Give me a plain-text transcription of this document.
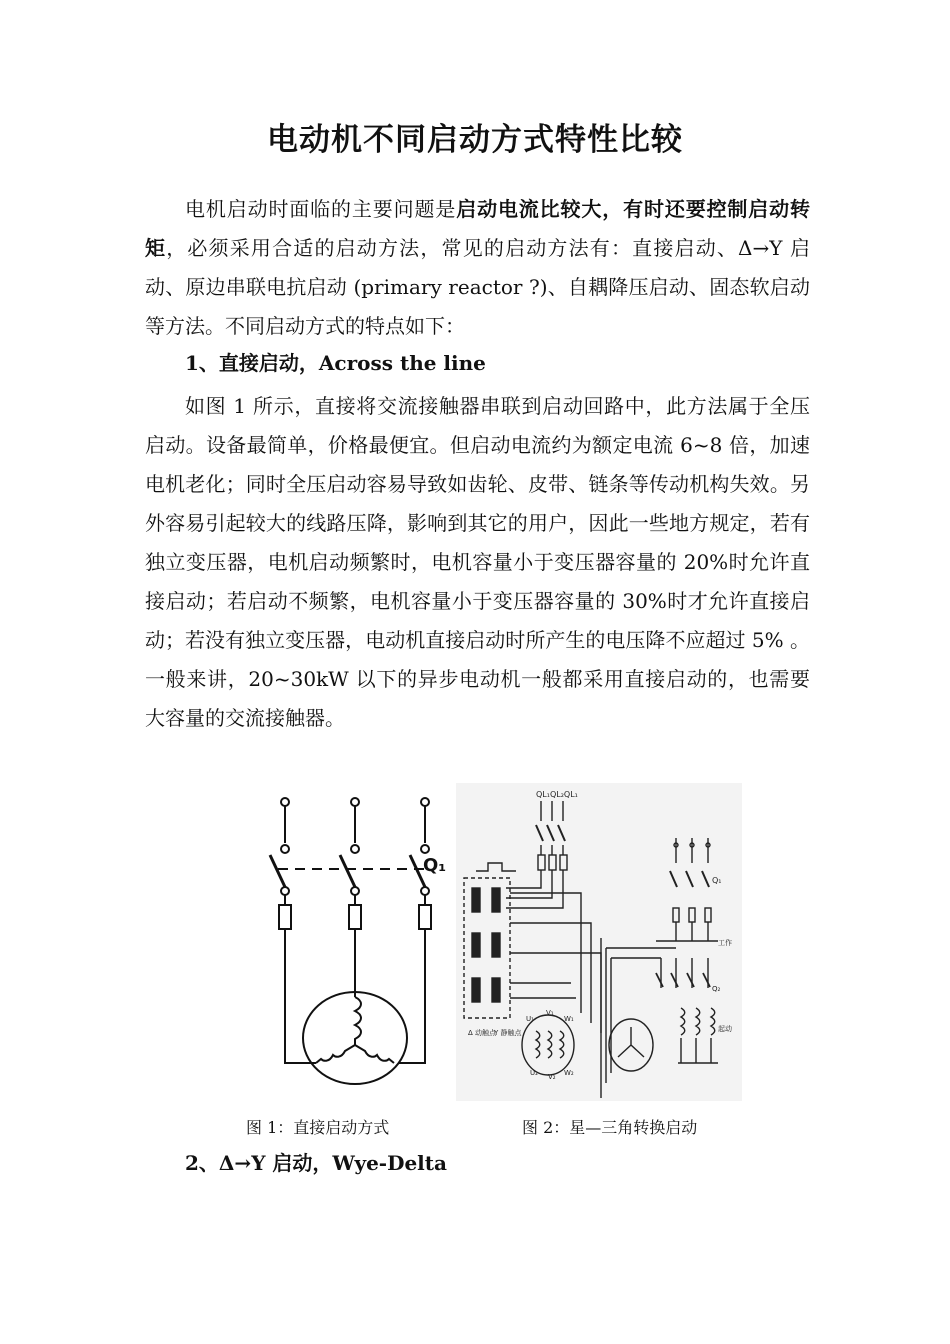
电动机不同启动方式特性比较
电机启动时面临的主要问题是启动电流比较大，有时还要控制启动转矩，必须采用合适的启动方法，常见的启动方法有：直接启动、Δ→Y 启动、原边串联电抗启动 (primary reactor ?)、自耦降压启动、固态软启动等方法。不同启动方式的特点如下：
1、直接启动，Across the line
如图 1 所示，直接将交流接触器串联到启动回路中，此方法属于全压启动。设备最简单，价格最便宜。但启动电流约为额定电流 6~8 倍，加速电机老化；同时全压启动容易导致如齿轮、皮带、链条等传动机构失效。另外容易引起较大的线路压降，影响到其它的用户，因此一些地方规定，若有独立变压器，电机启动频繁时，电机容量小于变压器容量的 20%时允许直接启动；若启动不频繁，电机容量小于变压器容量的 30%时才允许直接启动；若没有独立变压器，电动机直接启动时所产生的电压降不应超过 5% 。一般来讲，20~30kW 以下的异步电动机一般都采用直接启动的，也需要大容量的交流接触器。
Q₁
QL₁QL₂QL₁
Δ 动触点
Y 静触点
U₁
V₁
W₁
U₂ V₂ W₂
Q₁
工作
Q₂
起动
图 1：直接启动方式	图 2：星—三角转换启动
2、Δ→Y 启动，Wye-Delta
